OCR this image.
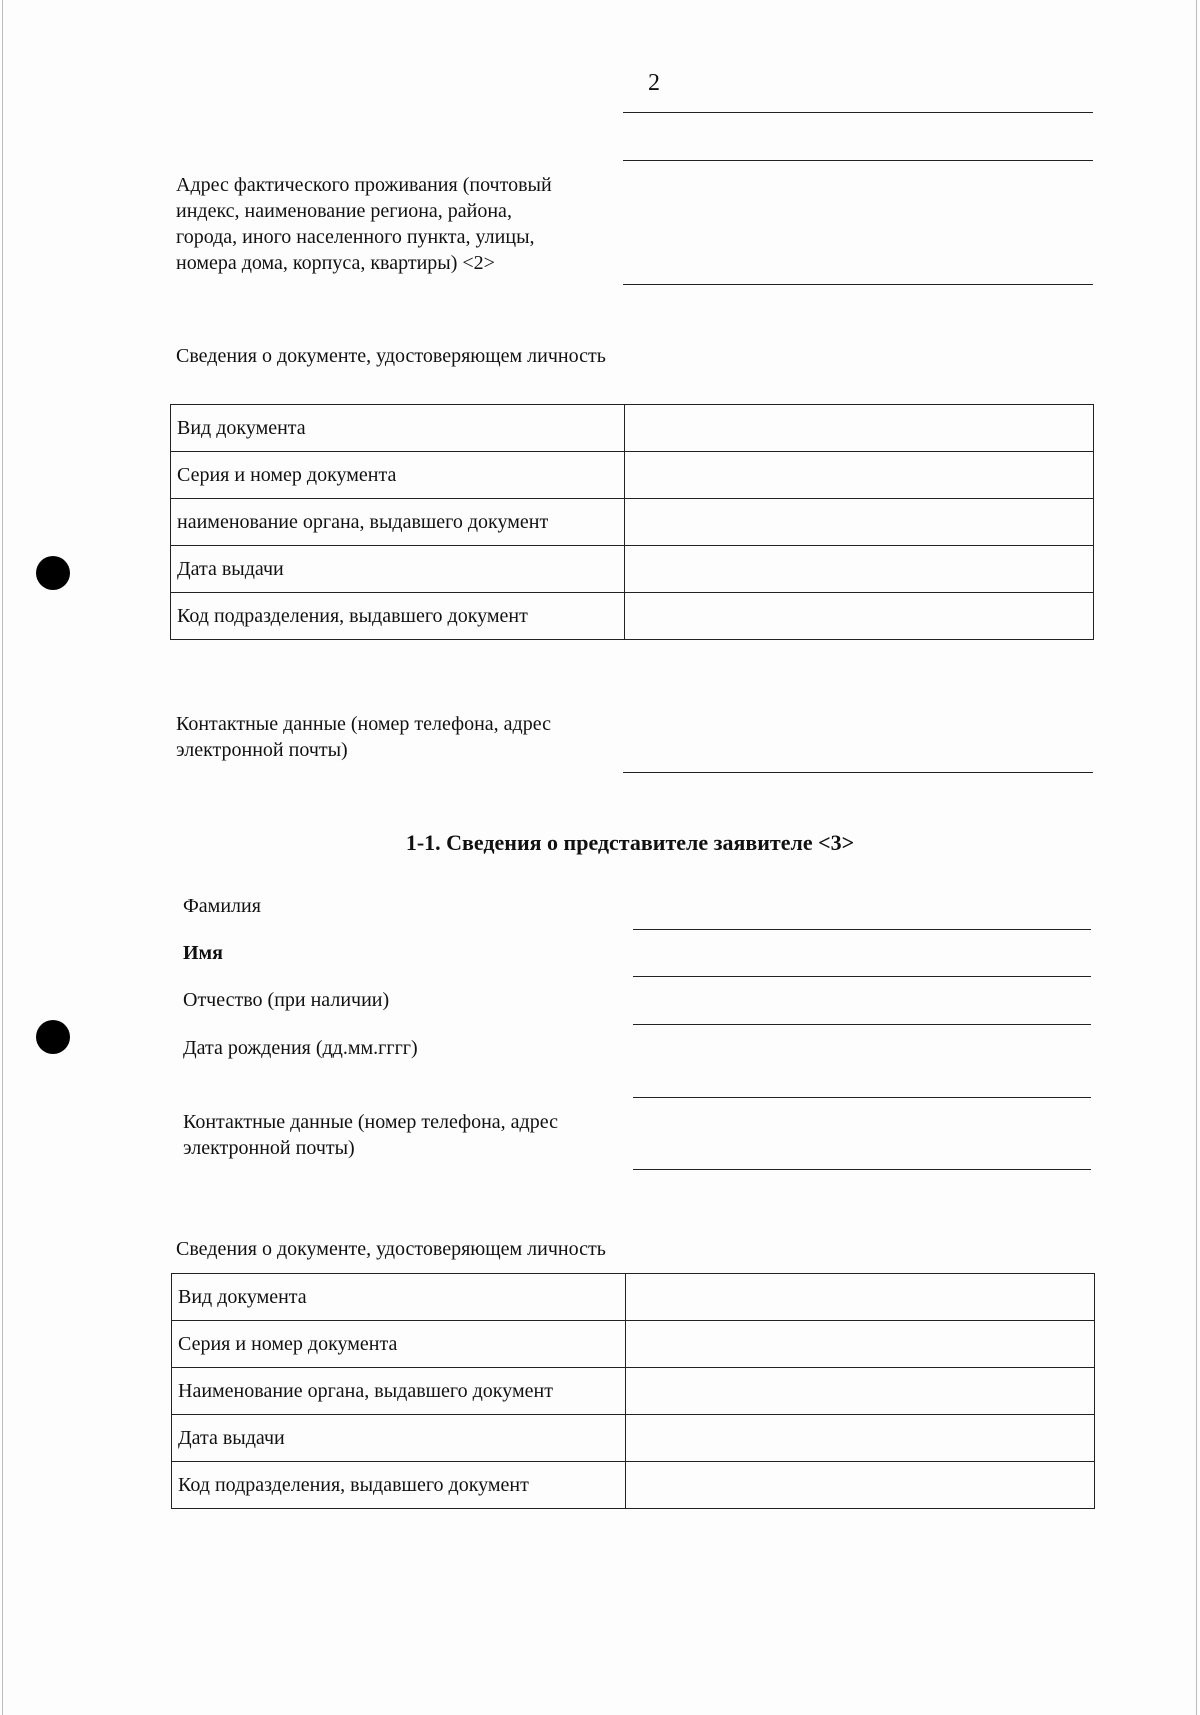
2
Адрес фактического проживания (почтовый
индекс, наименование региона, района,
города, иного населенного пункта, улицы,
номера дома, корпуса, квартиры) <2>
Сведения о документе, удостоверяющем личность
Вид документа	
Серия и номер документа	
наименование органа, выдавшего документ	
Дата выдачи	
Код подразделения, выдавшего документ	
Контактные данные (номер телефона, адрес
электронной почты)
1-1. Сведения о представителе заявителе <3>
Фамилия
Имя
Отчество (при наличии)
Дата рождения (дд.мм.гггг)
Контактные данные (номер телефона, адрес
электронной почты)
Сведения о документе, удостоверяющем личность
Вид документа	
Серия и номер документа	
Наименование органа, выдавшего документ	
Дата выдачи	
Код подразделения, выдавшего документ	
